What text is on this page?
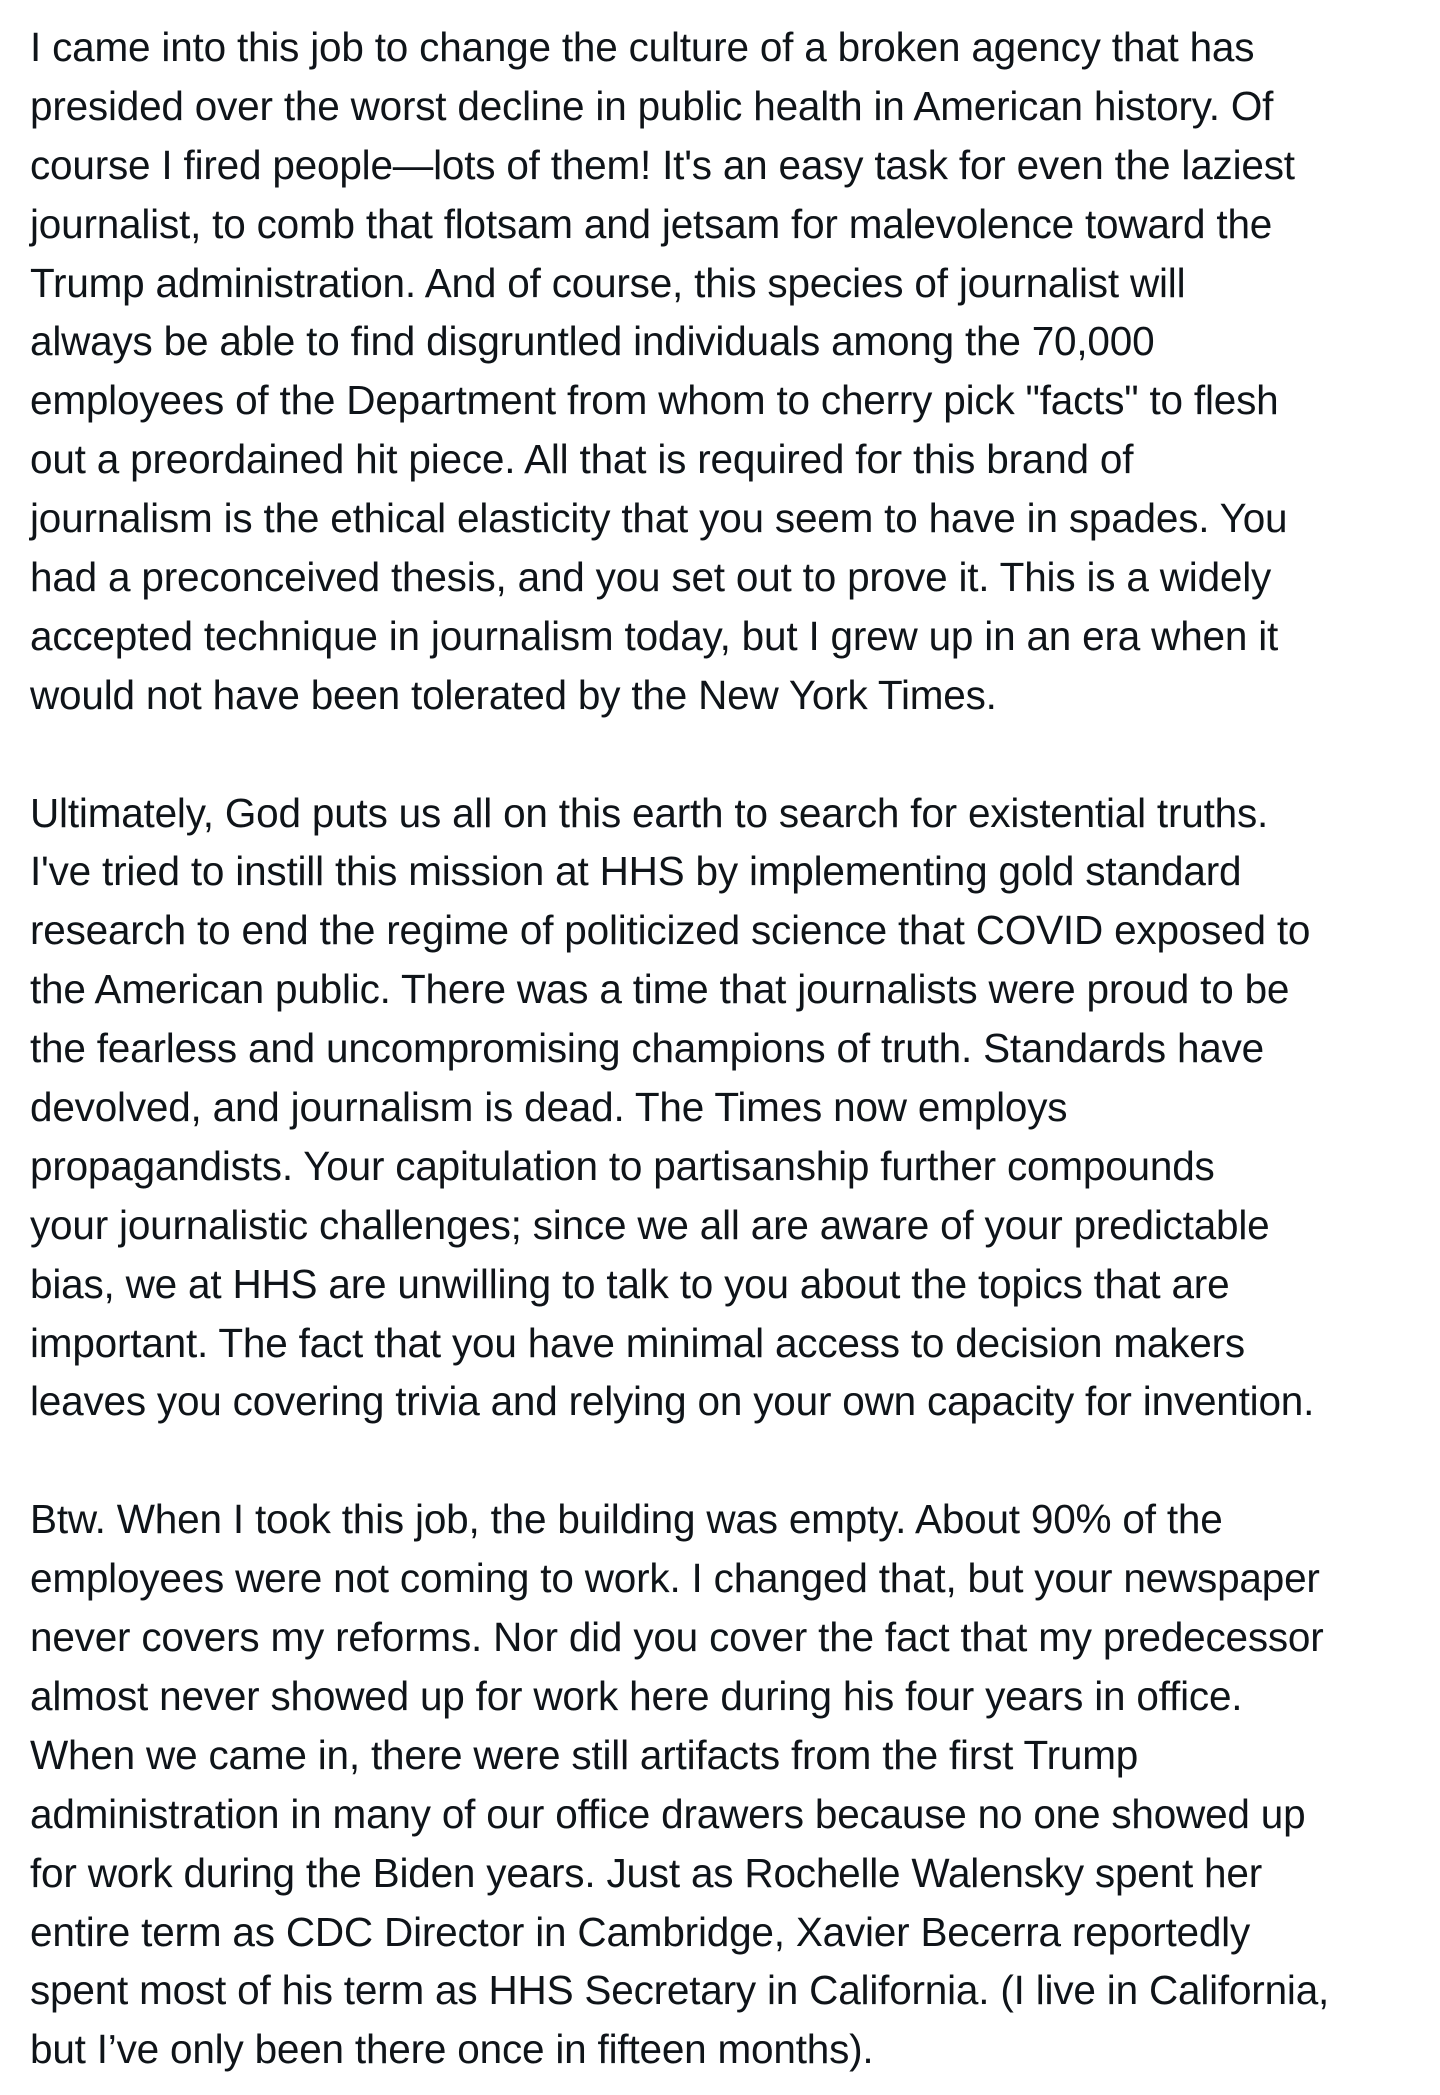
I came into this job to change the culture of a broken agency that has
presided over the worst decline in public health in American history. Of
course I fired people—lots of them! It's an easy task for even the laziest
journalist, to comb that flotsam and jetsam for malevolence toward the
Trump administration. And of course, this species of journalist will
always be able to find disgruntled individuals among the 70,000
employees of the Department from whom to cherry pick "facts" to flesh
out a preordained hit piece. All that is required for this brand of
journalism is the ethical elasticity that you seem to have in spades. You
had a preconceived thesis, and you set out to prove it. This is a widely
accepted technique in journalism today, but I grew up in an era when it
would not have been tolerated by the New York Times.

Ultimately, God puts us all on this earth to search for existential truths.
I've tried to instill this mission at HHS by implementing gold standard
research to end the regime of politicized science that COVID exposed to
the American public. There was a time that journalists were proud to be
the fearless and uncompromising champions of truth. Standards have
devolved, and journalism is dead. The Times now employs
propagandists. Your capitulation to partisanship further compounds
your journalistic challenges; since we all are aware of your predictable
bias, we at HHS are unwilling to talk to you about the topics that are
important. The fact that you have minimal access to decision makers
leaves you covering trivia and relying on your own capacity for invention.

Btw. When I took this job, the building was empty. About 90% of the
employees were not coming to work. I changed that, but your newspaper
never covers my reforms. Nor did you cover the fact that my predecessor
almost never showed up for work here during his four years in office.
When we came in, there were still artifacts from the first Trump
administration in many of our office drawers because no one showed up
for work during the Biden years. Just as Rochelle Walensky spent her
entire term as CDC Director in Cambridge, Xavier Becerra reportedly
spent most of his term as HHS Secretary in California. (I live in California,
but I’ve only been there once in fifteen months).
